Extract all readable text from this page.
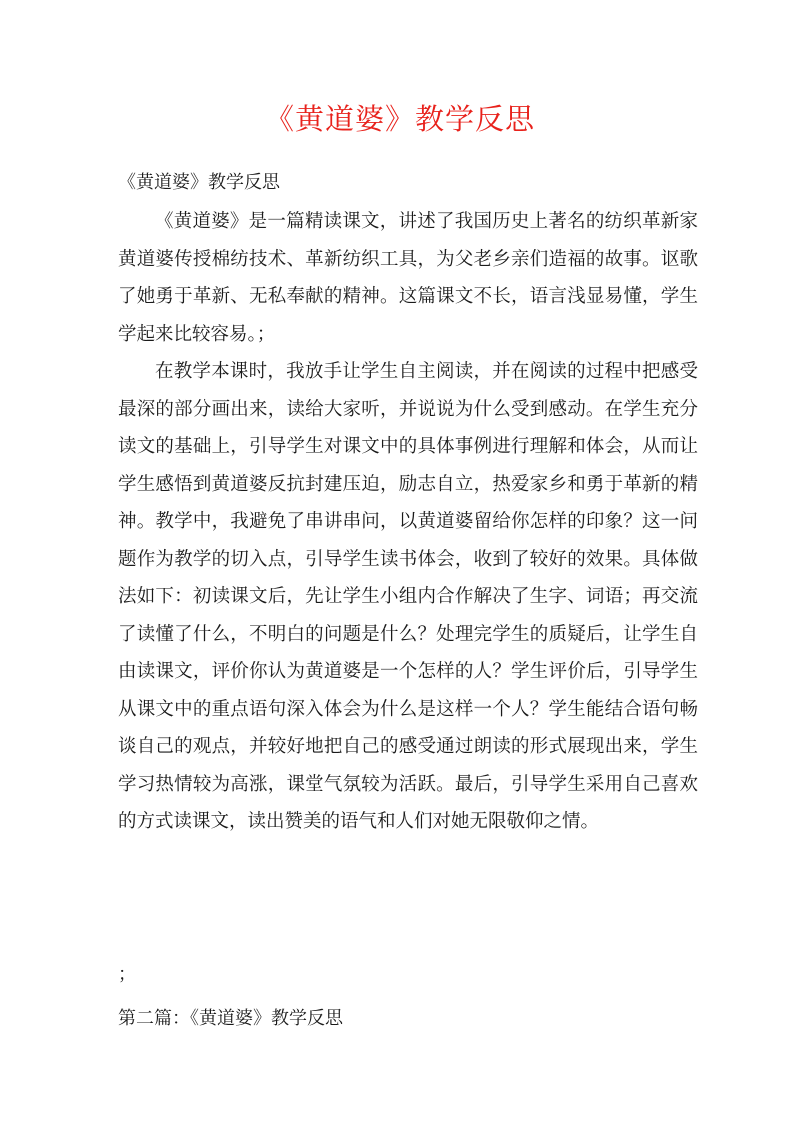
《黄道婆》教学反思
《黄道婆》教学反思

《黄道婆》是一篇精读课文，讲述了我国历史上著名的纺织革新家黄道婆传授棉纺技术、革新纺织工具，为父老乡亲们造福的故事。讴歌了她勇于革新、无私奉献的精神。这篇课文不长，语言浅显易懂，学生学起来比较容易。；

在教学本课时，我放手让学生自主阅读，并在阅读的过程中把感受最深的部分画出来，读给大家听，并说说为什么受到感动。在学生充分读文的基础上，引导学生对课文中的具体事例进行理解和体会，从而让学生感悟到黄道婆反抗封建压迫，励志自立，热爱家乡和勇于革新的精神。教学中，我避免了串讲串问，以黄道婆留给你怎样的印象？这一问题作为教学的切入点，引导学生读书体会，收到了较好的效果。具体做法如下：初读课文后，先让学生小组内合作解决了生字、词语；再交流了读懂了什么，不明白的问题是什么？处理完学生的质疑后，让学生自由读课文，评价你认为黄道婆是一个怎样的人？学生评价后，引导学生从课文中的重点语句深入体会为什么是这样一个人？学生能结合语句畅谈自己的观点，并较好地把自己的感受通过朗读的形式展现出来，学生学习热情较为高涨，课堂气氛较为活跃。最后，引导学生采用自己喜欢的方式读课文，读出赞美的语气和人们对她无限敬仰之情。

；
第二篇：《黄道婆》教学反思
